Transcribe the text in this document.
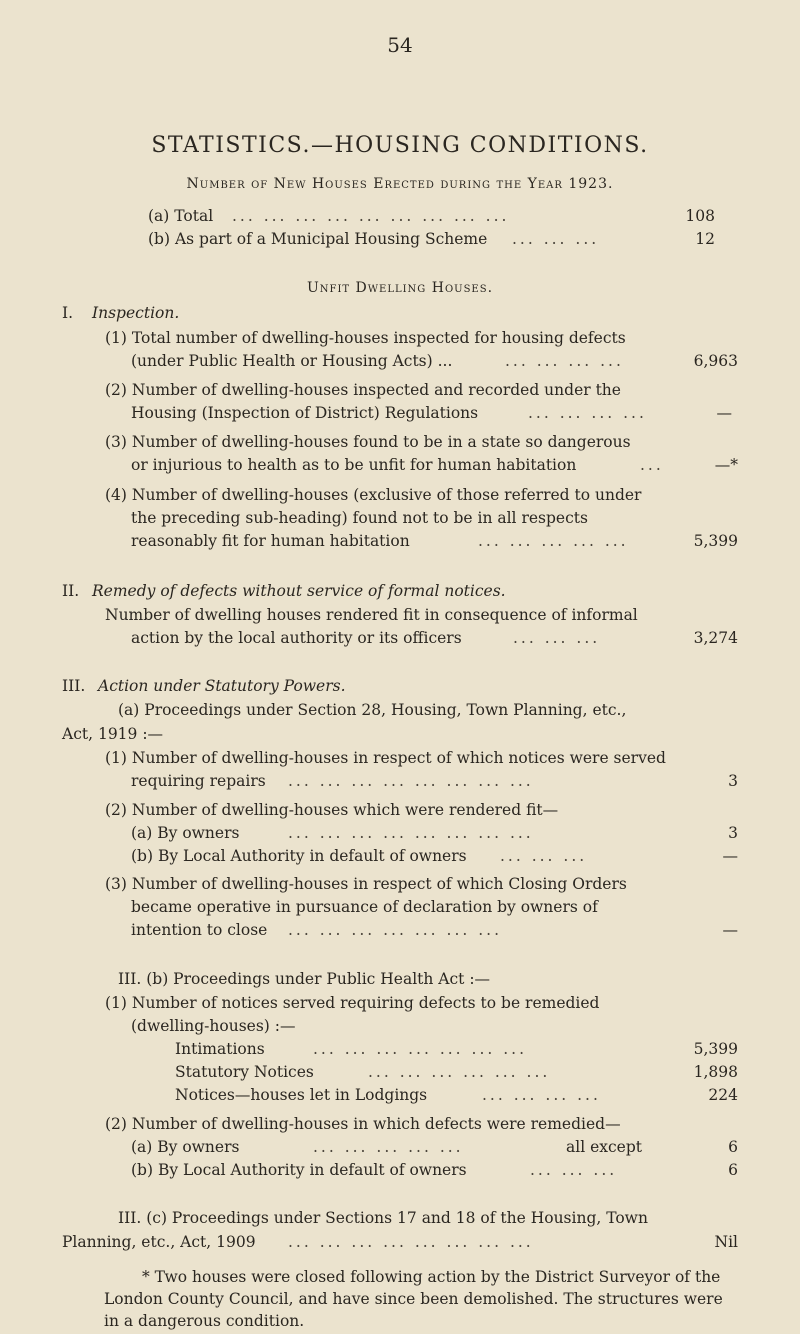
54
STATISTICS.—HOUSING CONDITIONS.
Number of New Houses Erected during the Year 1923.
(a) Total ... ... ... ... ... ... ... ... ...	108
(b) As part of a Municipal Housing Scheme ... ... ...	12
Unfit Dwelling Houses.
I. Inspection.
(1) Total number of dwelling-houses inspected for housing defects
(under Public Health or Housing Acts) ...	... ... ... ...	6,963
(2) Number of dwelling-houses inspected and recorded under the
Housing (Inspection of District) Regulations	... ... ... ...	—
(3) Number of dwelling-houses found to be in a state so dangerous
or injurious to health as to be unfit for human habitation	...	—*
(4) Number of dwelling-houses (exclusive of those referred to under
the preceding sub-heading) found not to be in all respects
reasonably fit for human habitation	... ... ... ... ...	5,399
II. Remedy of defects without service of formal notices.
Number of dwelling houses rendered fit in consequence of informal
action by the local authority or its officers	... ... ...	3,274
III. Action under Statutory Powers.
(a) Proceedings under Section 28, Housing, Town Planning, etc.,
Act, 1919 :—
(1) Number of dwelling-houses in respect of which notices were served
requiring repairs ... ... ... ... ... ... ... ...	3
(2) Number of dwelling-houses which were rendered fit—
(a) By owners	... ... ... ... ... ... ... ...	3
(b) By Local Authority in default of owners ... ... ...	—
(3) Number of dwelling-houses in respect of which Closing Orders
became operative in pursuance of declaration by owners of
intention to close ... ... ... ... ... ... ...	—
III. (b) Proceedings under Public Health Act :—
(1) Number of notices served requiring defects to be remedied
(dwelling-houses) :—
Intimations	... ... ... ... ... ... ...	5,399
Statutory Notices	... ... ... ... ... ...	1,898
Notices—houses let in Lodgings	... ... ... ...	224
(2) Number of dwelling-houses in which defects were remedied—
(a) By owners	... ... ... ... ...	all except	6
(b) By Local Authority in default of owners	... ... ...	6
III. (c) Proceedings under Sections 17 and 18 of the Housing, Town
Planning, etc., Act, 1909 ... ... ... ... ... ... ... ...	Nil
* Two houses were closed following action by the District Surveyor of the London County Council, and have since been demolished. The structures were in a dangerous condition.
